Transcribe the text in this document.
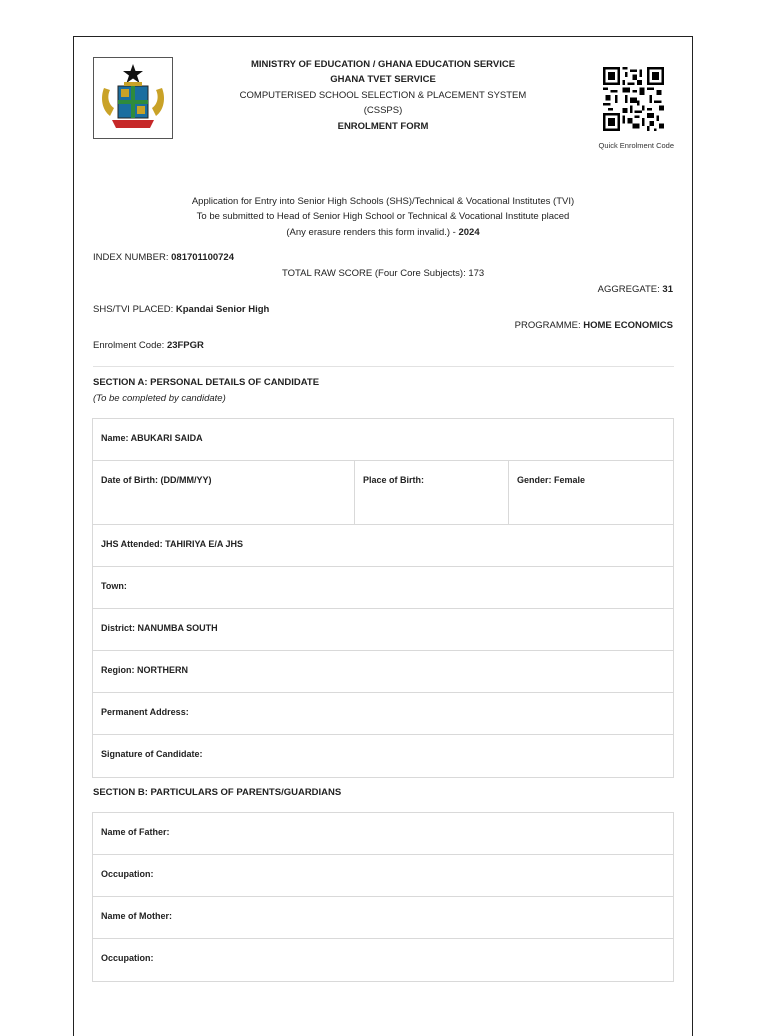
MINISTRY OF EDUCATION / GHANA EDUCATION SERVICE
GHANA TVET SERVICE
COMPUTERISED SCHOOL SELECTION & PLACEMENT SYSTEM
(CSSPS)
ENROLMENT FORM
Quick Enrolment Code
Application for Entry into Senior High Schools (SHS)/Technical & Vocational Institutes (TVI)
To be submitted to Head of Senior High School or Technical & Vocational Institute placed
(Any erasure renders this form invalid.) - 2024
INDEX NUMBER: 081701100724
TOTAL RAW SCORE (Four Core Subjects): 173
AGGREGATE: 31
SHS/TVI PLACED: Kpandai Senior High
PROGRAMME: HOME ECONOMICS
Enrolment Code: 23FPGR
SECTION A: PERSONAL DETAILS OF CANDIDATE
(To be completed by candidate)
Name: ABUKARI SAIDA
Date of Birth: (DD/MM/YY)	Place of Birth:	Gender: Female
JHS Attended: TAHIRIYA E/A JHS
Town:
District: NANUMBA SOUTH
Region: NORTHERN
Permanent Address:
Signature of Candidate:
SECTION B: PARTICULARS OF PARENTS/GUARDIANS
Name of Father:
Occupation:
Name of Mother:
Occupation:
